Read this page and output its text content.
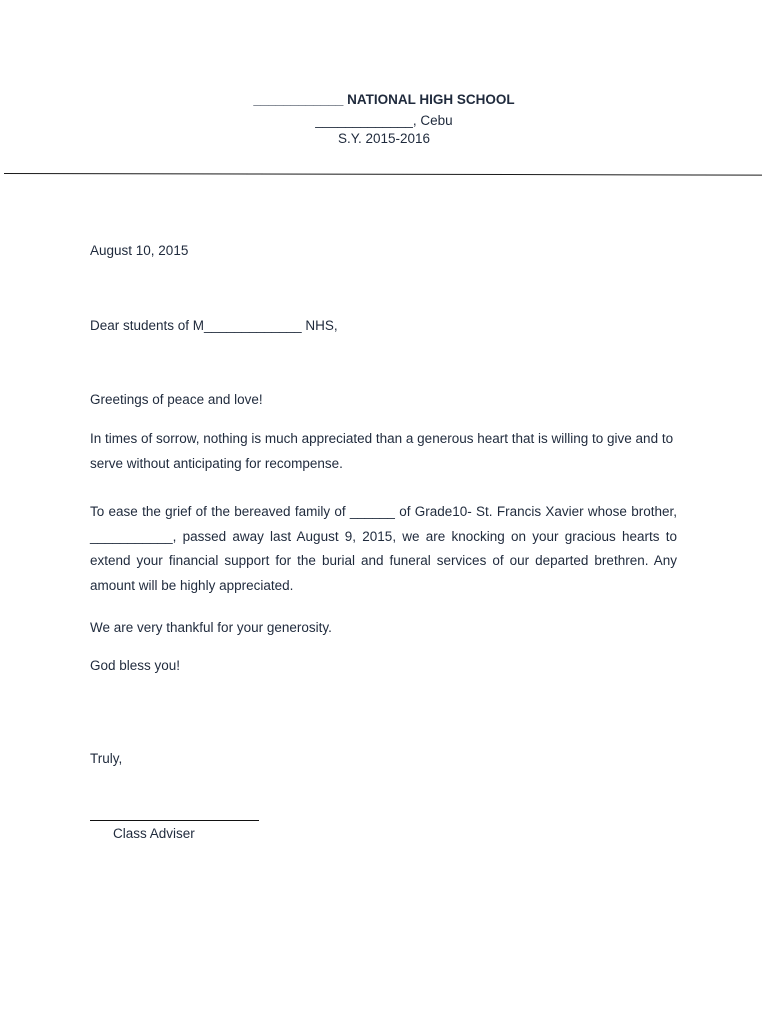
____________ NATIONAL HIGH SCHOOL
_____________, Cebu
S.Y. 2015-2016

August 10, 2015

Dear students of M_____________ NHS,

Greetings of peace and love!

In times of sorrow, nothing is much appreciated than a generous heart that is willing to give and to serve without anticipating for recompense.

To ease the grief of the bereaved family of ______ of Grade10- St. Francis Xavier whose brother, ___________, passed away last August 9, 2015, we are knocking on your gracious hearts to extend your financial support for the burial and funeral services of our departed brethren. Any amount will be highly appreciated.

We are very thankful for your generosity.

God bless you!

Truly,

Class Adviser
